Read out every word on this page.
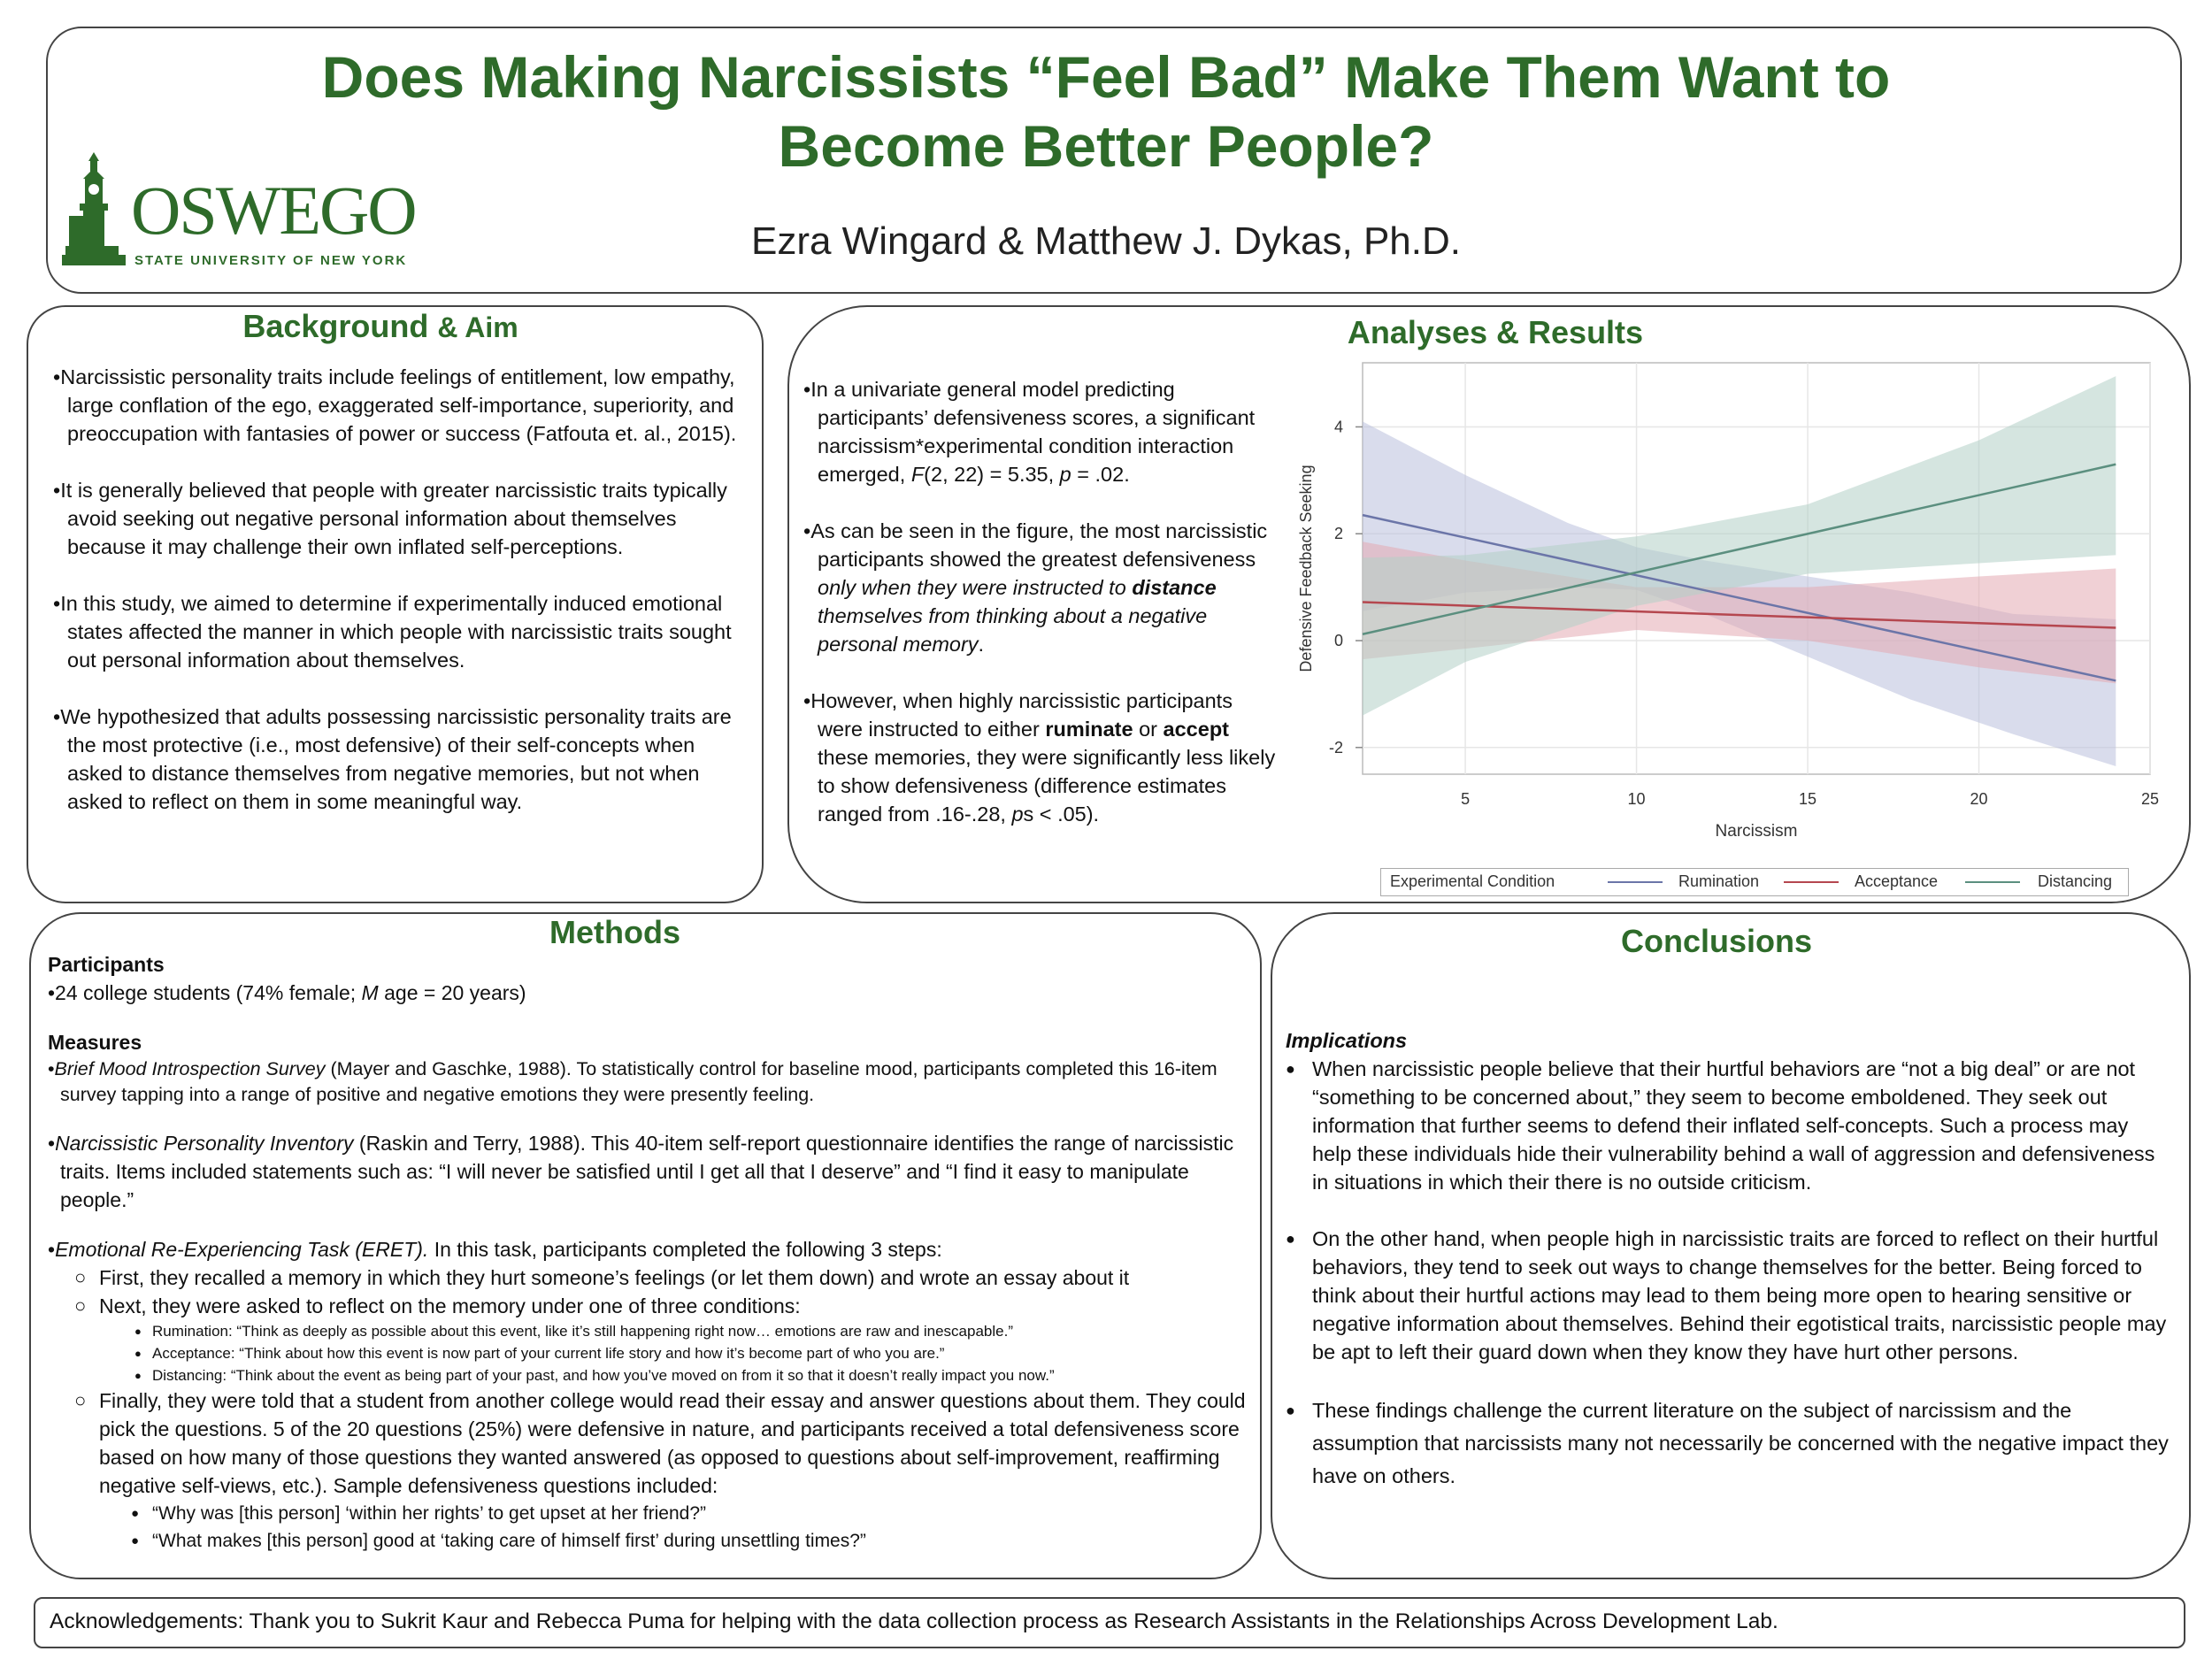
Does Making Narcissists “Feel Bad” Make Them Want to
Become Better People?
Ezra Wingard & Matthew J. Dykas, Ph.D.
OSWEGO
STATE UNIVERSITY OF NEW YORK
Background & Aim

•Narcissistic personality traits include feelings of entitlement, low empathy, large conflation of the ego, exaggerated self-importance, superiority, and preoccupation with fantasies of power or success (Fatfouta et. al., 2015).

•It is generally believed that people with greater narcissistic traits typically avoid seeking out negative personal information about themselves because it may challenge their own inflated self-perceptions.

•In this study, we aimed to determine if experimentally induced emotional states affected the manner in which people with narcissistic traits sought out personal information about themselves.

•We hypothesized that adults possessing narcissistic personality traits are the most protective (i.e., most defensive) of their self-concepts when asked to distance themselves from negative memories, but not when asked to reflect on them in some meaningful way.

Analyses & Results

•In a univariate general model predicting participants’ defensiveness scores, a significant narcissism*experimental condition interaction emerged, F(2, 22) = 5.35, p = .02.

•As can be seen in the figure, the most narcissistic participants showed the greatest defensiveness only when they were instructed to distance themselves from thinking about a negative personal memory.

•However, when highly narcissistic participants were instructed to either ruminate or accept these memories, they were significantly less likely to show defensiveness (difference estimates ranged from .16-.28, ps < .05).

5	10	15	20	25
-2
0
2
4
Narcissism
Defensive Feedback Seeking
Experimental Condition	Rumination	Acceptance	Distancing
Methods

Participants

•24 college students (74% female; M age = 20 years)

Measures

•Brief Mood Introspection Survey (Mayer and Gaschke, 1988). To statistically control for baseline mood, participants completed this 16-item survey tapping into a range of positive and negative emotions they were presently feeling.

•Narcissistic Personality Inventory (Raskin and Terry, 1988). This 40-item self-report questionnaire identifies the range of narcissistic traits. Items included statements such as: “I will never be satisfied until I get all that I deserve” and “I find it easy to manipulate people.”

•Emotional Re-Experiencing Task (ERET). In this task, participants completed the following 3 steps:

○ First, they recalled a memory in which they hurt someone’s feelings (or let them down) and wrote an essay about it
○ Next, they were asked to reflect on the memory under one of three conditions:
● Rumination: “Think as deeply as possible about this event, like it’s still happening right now… emotions are raw and inescapable.”
● Acceptance: “Think about how this event is now part of your current life story and how it’s become part of who you are.”
● Distancing: “Think about the event as being part of your past, and how you’ve moved on from it so that it doesn’t really impact you now.”
○ Finally, they were told that a student from another college would read their essay and answer questions about them. They could pick the questions. 5 of the 20 questions (25%) were defensive in nature, and participants received a total defensiveness score based on how many of those questions they wanted answered (as opposed to questions about self-improvement, reaffirming negative self-views, etc.). Sample defensiveness questions included:
● “Why was [this person] ‘within her rights’ to get upset at her friend?”
● “What makes [this person] good at ‘taking care of himself first’ during unsettling times?”
Conclusions

Implications

● When narcissistic people believe that their hurtful behaviors are “not a big deal” or are not “something to be concerned about,” they seem to become emboldened. They seek out information that further seems to defend their inflated self-concepts. Such a process may help these individuals hide their vulnerability behind a wall of aggression and defensiveness in situations in which their there is no outside criticism.
● On the other hand, when people high in narcissistic traits are forced to reflect on their hurtful behaviors, they tend to seek out ways to change themselves for the better. Being forced to think about their hurtful actions may lead to them being more open to hearing sensitive or negative information about themselves. Behind their egotistical traits, narcissistic people may be apt to left their guard down when they know they have hurt other persons.
● These findings challenge the current literature on the subject of narcissism and the assumption that narcissists many not necessarily be concerned with the negative impact they have on others.
Acknowledgements: Thank you to Sukrit Kaur and Rebecca Puma for helping with the data collection process as Research Assistants in the Relationships Across Development Lab.
